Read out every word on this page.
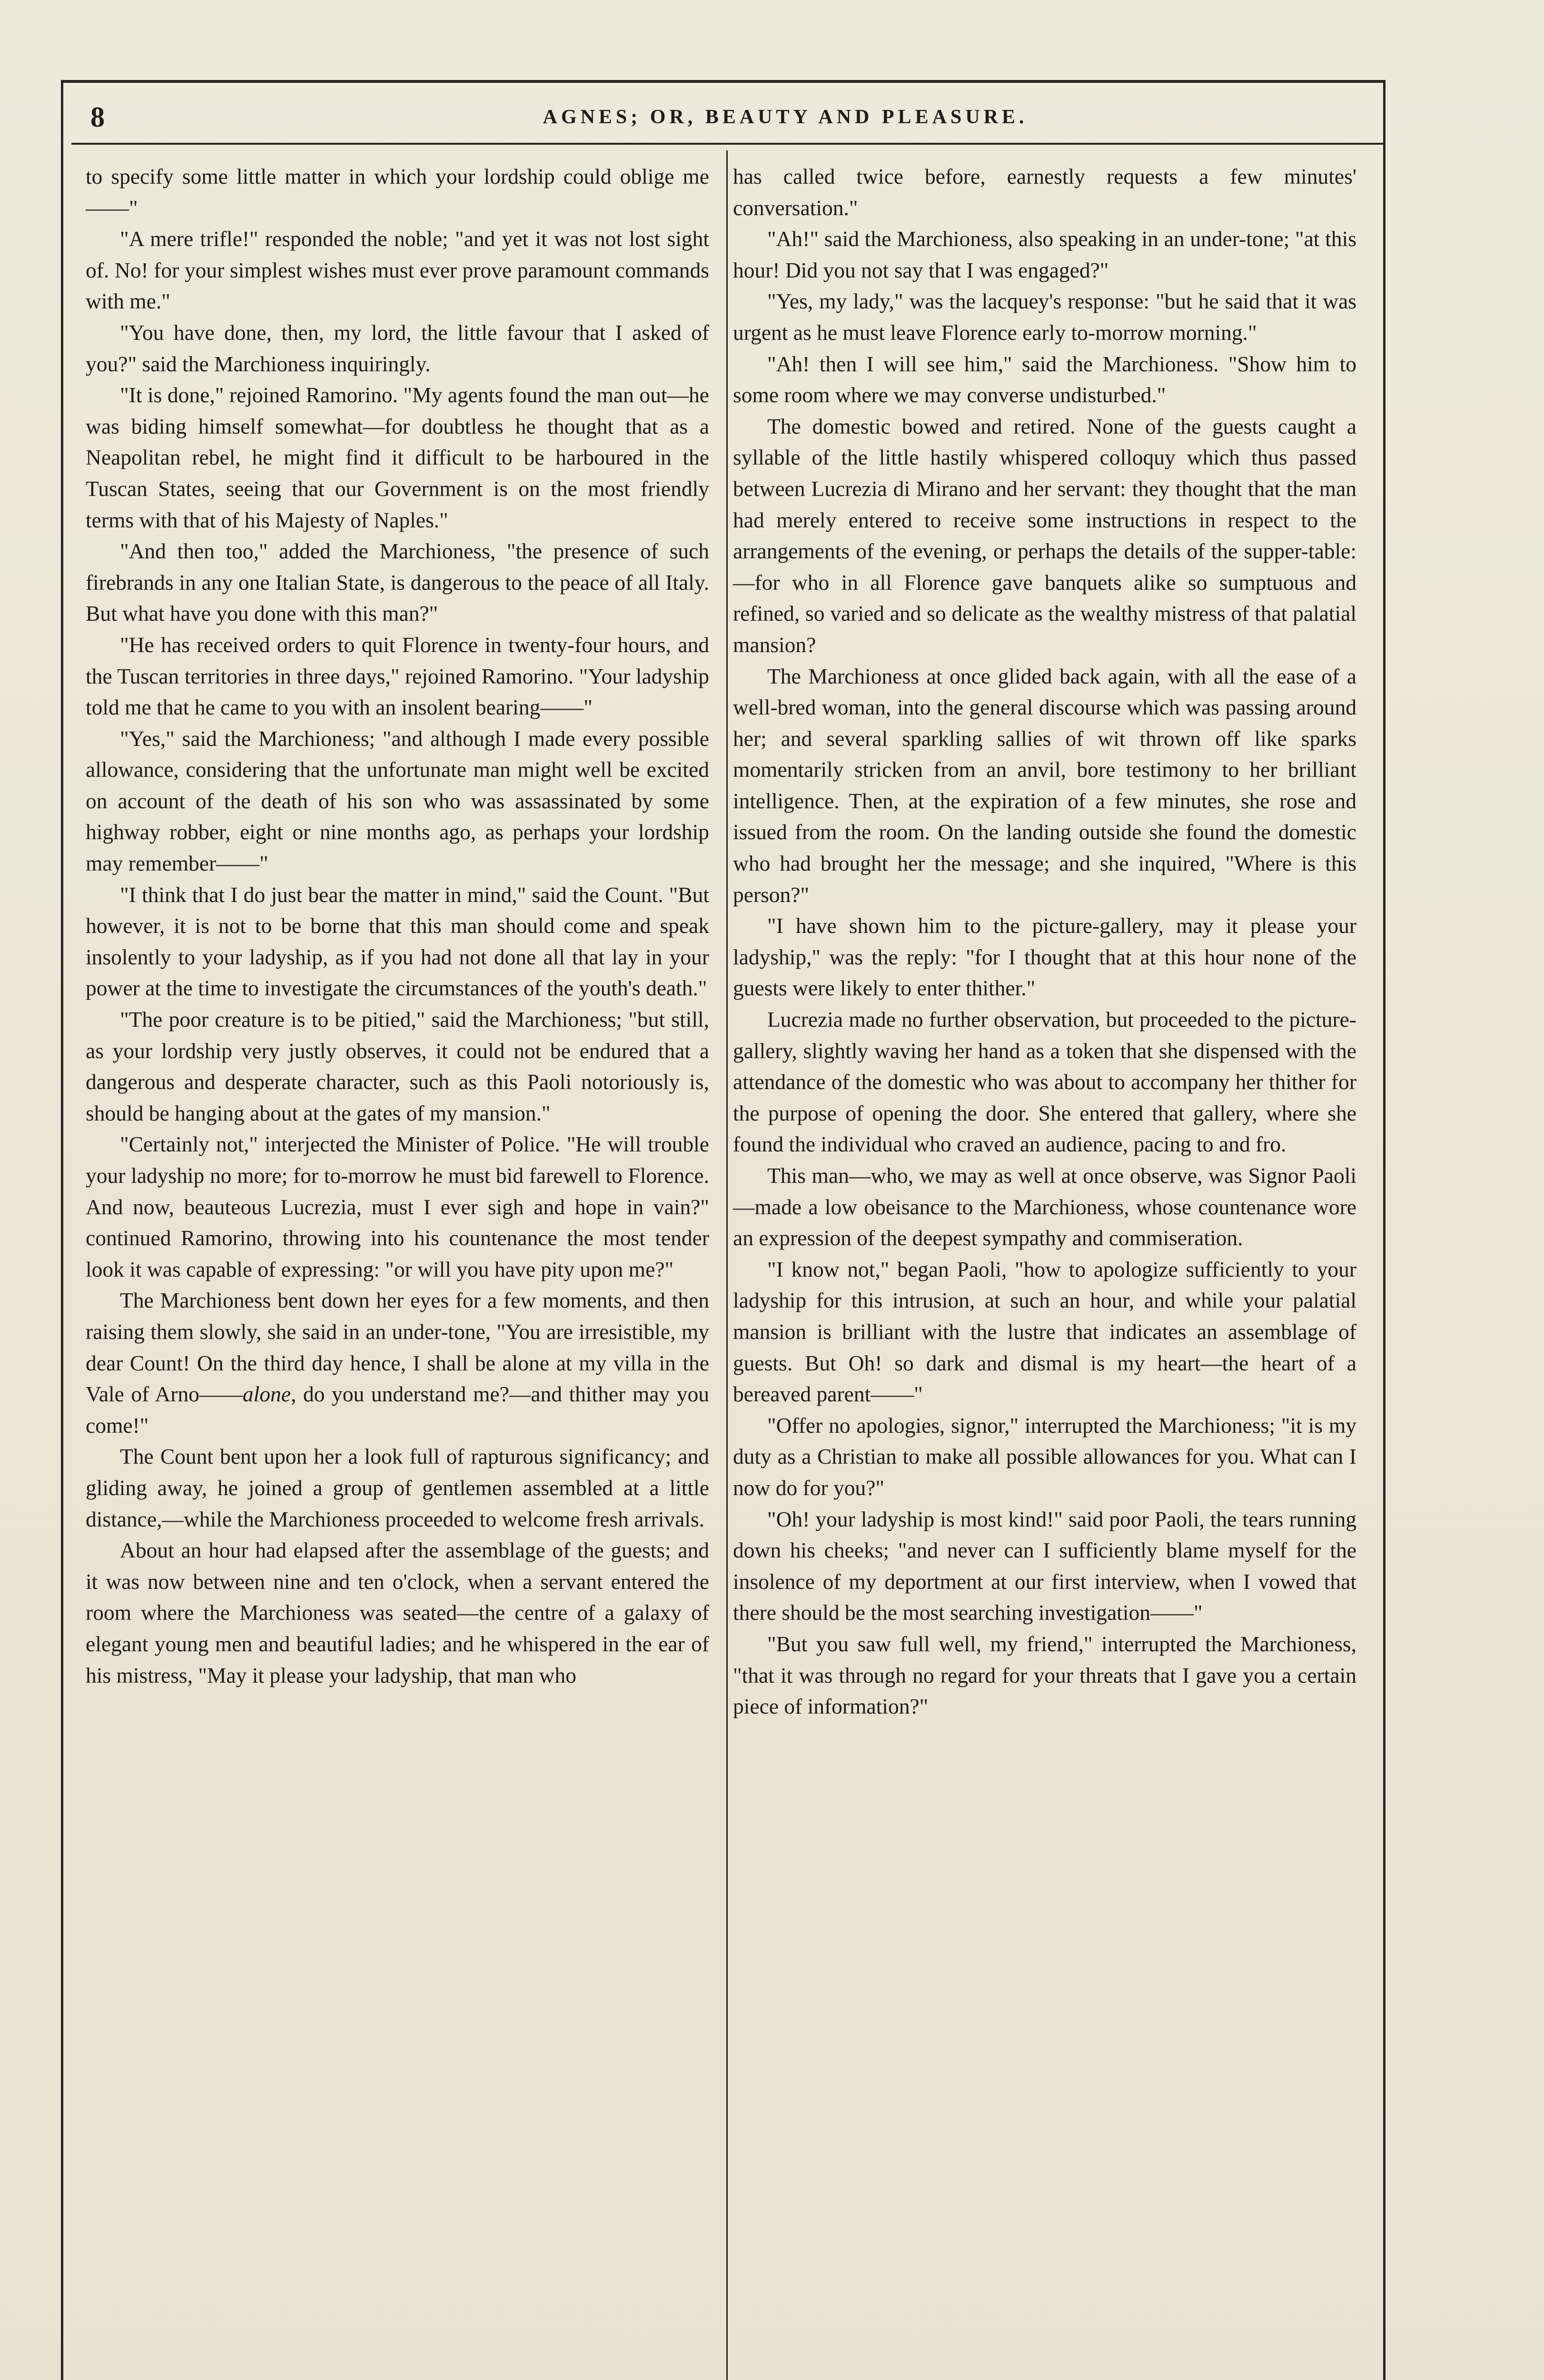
8	AGNES; OR, BEAUTY AND PLEASURE.

to specify some little matter in which your lordship could oblige me——"

"A mere trifle!" responded the noble; "and yet it was not lost sight of. No! for your simplest wishes must ever prove paramount commands with me."

"You have done, then, my lord, the little favour that I asked of you?" said the Marchioness inquiringly.

"It is done," rejoined Ramorino. "My agents found the man out—he was biding himself somewhat—for doubtless he thought that as a Neapolitan rebel, he might find it difficult to be harboured in the Tuscan States, seeing that our Government is on the most friendly terms with that of his Majesty of Naples."

"And then too," added the Marchioness, "the presence of such firebrands in any one Italian State, is dangerous to the peace of all Italy. But what have you done with this man?"

"He has received orders to quit Florence in twenty-four hours, and the Tuscan territories in three days," rejoined Ramorino. "Your ladyship told me that he came to you with an insolent bearing——"

"Yes," said the Marchioness; "and although I made every possible allowance, considering that the unfortunate man might well be excited on account of the death of his son who was assassinated by some highway robber, eight or nine months ago, as perhaps your lordship may remember——"

"I think that I do just bear the matter in mind," said the Count. "But however, it is not to be borne that this man should come and speak insolently to your ladyship, as if you had not done all that lay in your power at the time to investigate the circumstances of the youth's death."

"The poor creature is to be pitied," said the Marchioness; "but still, as your lordship very justly observes, it could not be endured that a dangerous and desperate character, such as this Paoli notoriously is, should be hanging about at the gates of my mansion."

"Certainly not," interjected the Minister of Police. "He will trouble your ladyship no more; for to-morrow he must bid farewell to Florence. And now, beauteous Lucrezia, must I ever sigh and hope in vain?" continued Ramorino, throwing into his countenance the most tender look it was capable of expressing: "or will you have pity upon me?"

The Marchioness bent down her eyes for a few moments, and then raising them slowly, she said in an under-tone, "You are irresistible, my dear Count! On the third day hence, I shall be alone at my villa in the Vale of Arno——alone, do you understand me?—and thither may you come!"

The Count bent upon her a look full of rapturous significancy; and gliding away, he joined a group of gentlemen assembled at a little distance,—while the Marchioness proceeded to welcome fresh arrivals.

About an hour had elapsed after the assemblage of the guests; and it was now between nine and ten o'clock, when a servant entered the room where the Marchioness was seated—the centre of a galaxy of elegant young men and beautiful ladies; and he whispered in the ear of his mistress, "May it please your ladyship, that man who

has called twice before, earnestly requests a few minutes' conversation."

"Ah!" said the Marchioness, also speaking in an under-tone; "at this hour! Did you not say that I was engaged?"

"Yes, my lady," was the lacquey's response: "but he said that it was urgent as he must leave Florence early to-morrow morning."

"Ah! then I will see him," said the Marchioness. "Show him to some room where we may converse undisturbed."

The domestic bowed and retired. None of the guests caught a syllable of the little hastily whispered colloquy which thus passed between Lucrezia di Mirano and her servant: they thought that the man had merely entered to receive some instructions in respect to the arrangements of the evening, or perhaps the details of the supper-table:—for who in all Florence gave banquets alike so sumptuous and refined, so varied and so delicate as the wealthy mistress of that palatial mansion?

The Marchioness at once glided back again, with all the ease of a well-bred woman, into the general discourse which was passing around her; and several sparkling sallies of wit thrown off like sparks momentarily stricken from an anvil, bore testimony to her brilliant intelligence. Then, at the expiration of a few minutes, she rose and issued from the room. On the landing outside she found the domestic who had brought her the message; and she inquired, "Where is this person?"

"I have shown him to the picture-gallery, may it please your ladyship," was the reply: "for I thought that at this hour none of the guests were likely to enter thither."

Lucrezia made no further observation, but proceeded to the picture-gallery, slightly waving her hand as a token that she dispensed with the attendance of the domestic who was about to accompany her thither for the purpose of opening the door. She entered that gallery, where she found the individual who craved an audience, pacing to and fro.

This man—who, we may as well at once observe, was Signor Paoli—made a low obeisance to the Marchioness, whose countenance wore an expression of the deepest sympathy and commiseration.

"I know not," began Paoli, "how to apologize sufficiently to your ladyship for this intrusion, at such an hour, and while your palatial mansion is brilliant with the lustre that indicates an assemblage of guests. But Oh! so dark and dismal is my heart—the heart of a bereaved parent——"

"Offer no apologies, signor," interrupted the Marchioness; "it is my duty as a Christian to make all possible allowances for you. What can I now do for you?"

"Oh! your ladyship is most kind!" said poor Paoli, the tears running down his cheeks; "and never can I sufficiently blame myself for the insolence of my deportment at our first interview, when I vowed that there should be the most searching investigation——"

"But you saw full well, my friend," interrupted the Marchioness, "that it was through no regard for your threats that I gave you a certain piece of information?"
